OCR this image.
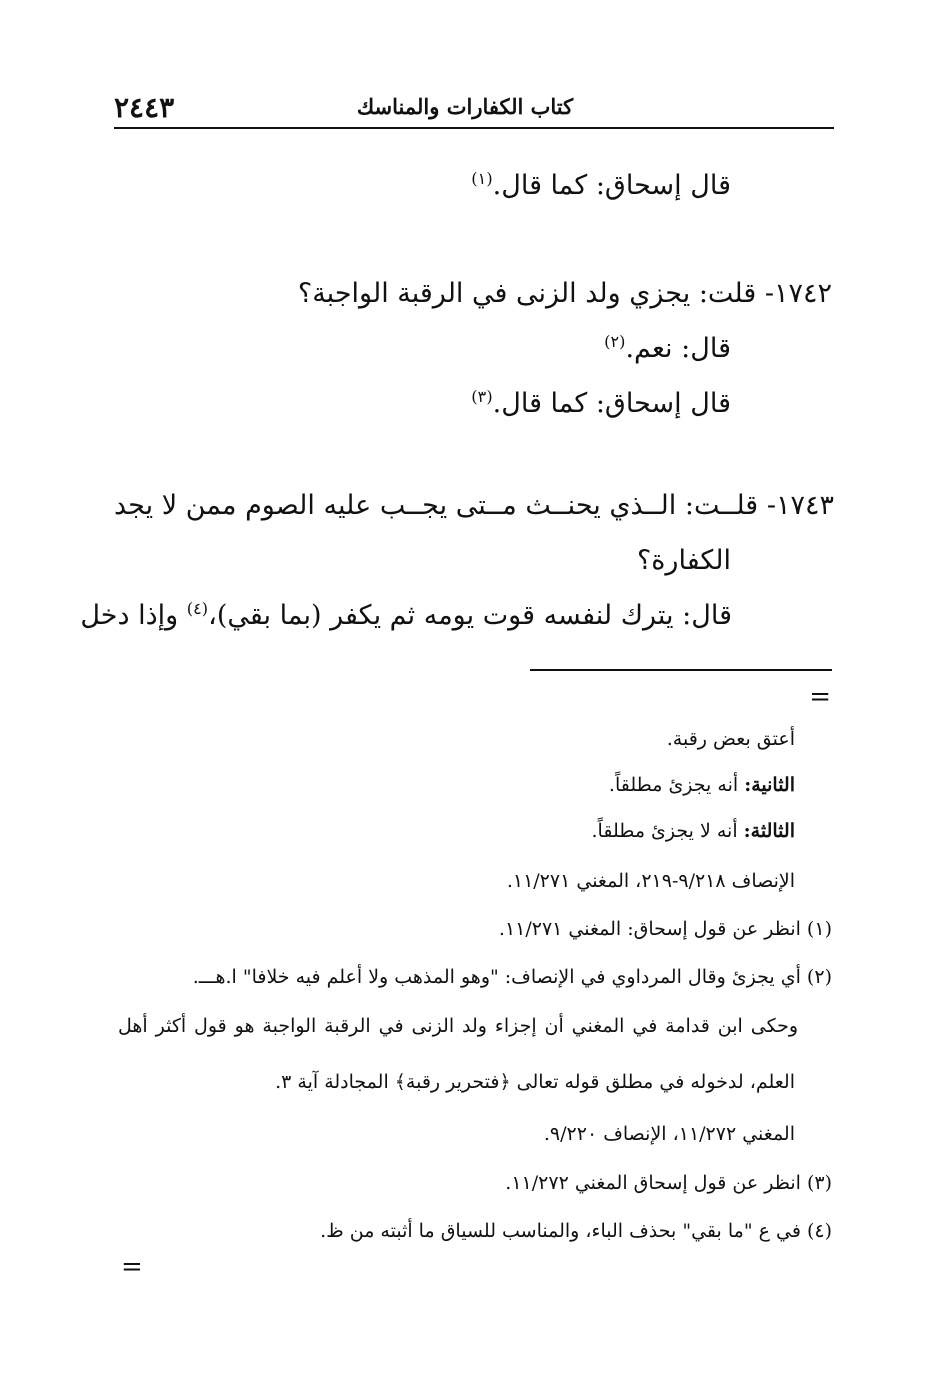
٢٤٤٣	كتاب الكفارات والمناسك
قال إسحاق: كما قال.$^{(١)}$
١٧٤٢- قلت: يجزي ولد الزنى في الرقبة الواجبة؟
قال: نعم.$^{(٢)}$
قال إسحاق: كما قال.$^{(٣)}$
١٧٤٣- قلــت: الــذي يحنــث مــتى يجــب عليه الصوم ممن لا يجد
الكفارة؟
قال: يترك لنفسه قوت يومه ثم يكفر (بما بقي)،$^{(٤)}$ وإذا دخل
=
أعتق بعض رقبة.
الثانية: أنه يجزئ مطلقاً.
الثالثة: أنه لا يجزئ مطلقاً.
الإنصاف ٩/٢١٨-٢١٩، المغني ١١/٢٧١.
(١) انظر عن قول إسحاق: المغني ١١/٢٧١.
(٢) أي يجزئ وقال المرداوي في الإنصاف: "وهو المذهب ولا أعلم فيه خلافا" ا.هـــ.
وحكى ابن قدامة في المغني أن إجزاء ولد الزنى في الرقبة الواجبة هو قول أكثر أهل
العلم، لدخوله في مطلق قوله تعالى ﴿فتحرير رقبة﴾ المجادلة آية ٣.
المغني ١١/٢٧٢، الإنصاف ٩/٢٢٠.
(٣) انظر عن قول إسحاق المغني ١١/٢٧٢.
(٤) في ع "ما بقي" بحذف الباء، والمناسب للسياق ما أثبته من ظ.
=
